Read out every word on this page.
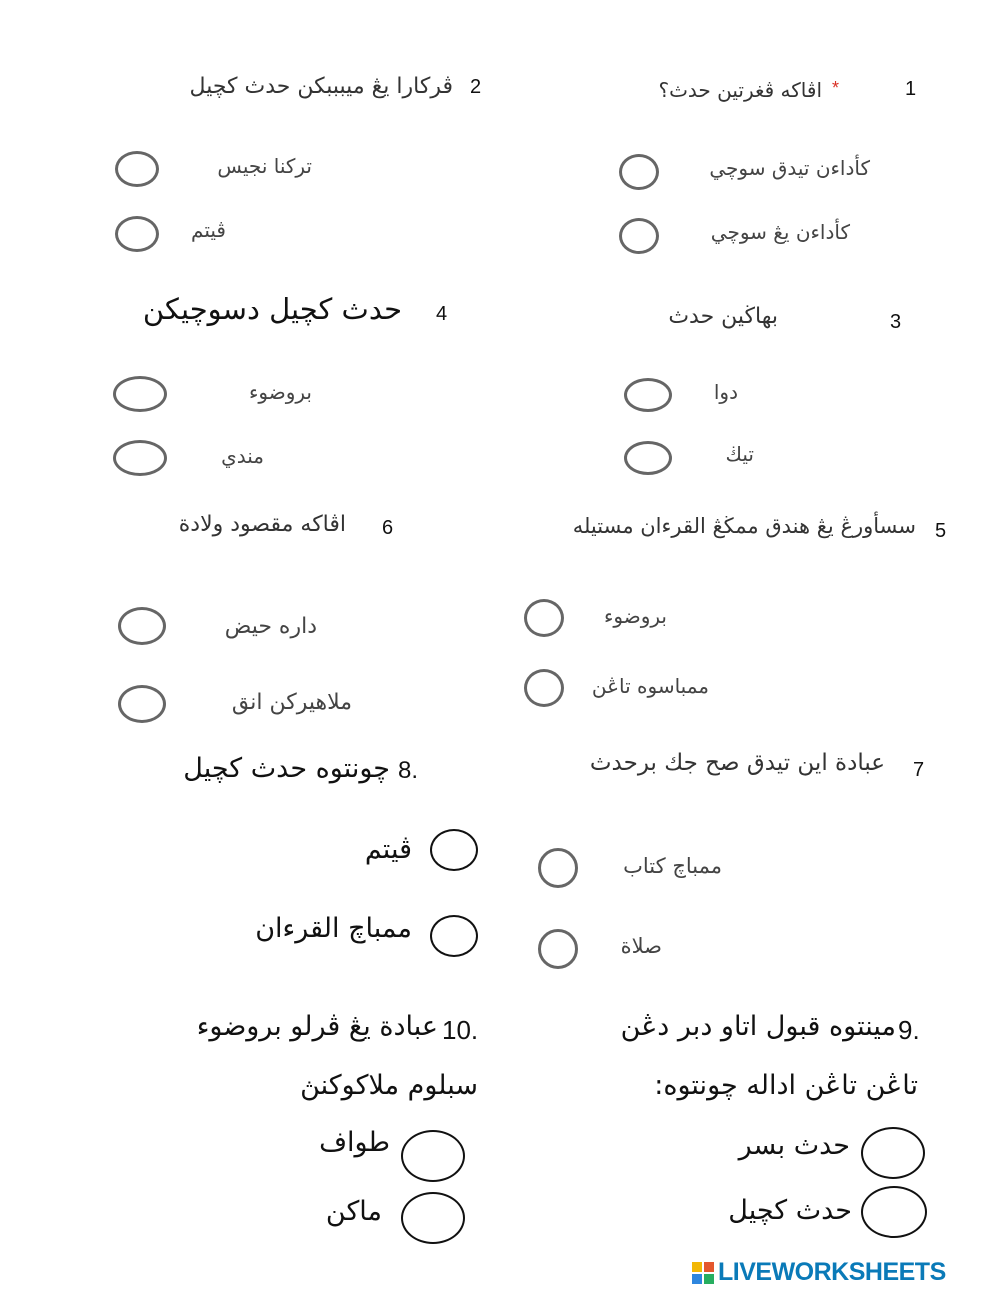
1
*
اڤاكه ڤغرتين حدث؟
كأداءن تيدق سوچي
كأداءن يڠ سوچي
2
ڤركارا يڠ ميبببكن حدث كچيل
تركنا نجيس
ڤيتم
3
بهاڬين حدث
دوا
تيڬ
4
حدث كچيل دسوچيكن
بروضوء
مندي
5
سسأورڠ يڠ هندق ممڬڠ القرءان مستيله
بروضوء
ممباسوه تاڠن
6
اڤاكه مقصود ولادة
داره حيض
ملاهيركن انق
7
عبادة اين تيدق صح جك برحدث
ممباچ كتاب
صلاة
8.
چونتوه حدث كچيل
ڤيتم
ممباچ القرءان
9.
مينتوه قبول اتاو دبر دڠن
تاڠن تاڠن اداله چونتوه:
حدث بسر
حدث كچيل
10.
عبادة يڠ ڤرلو بروضوء
سبلوم ملاكوكنڽ
طواف
ماكن
LIVEWORKSHEETS
